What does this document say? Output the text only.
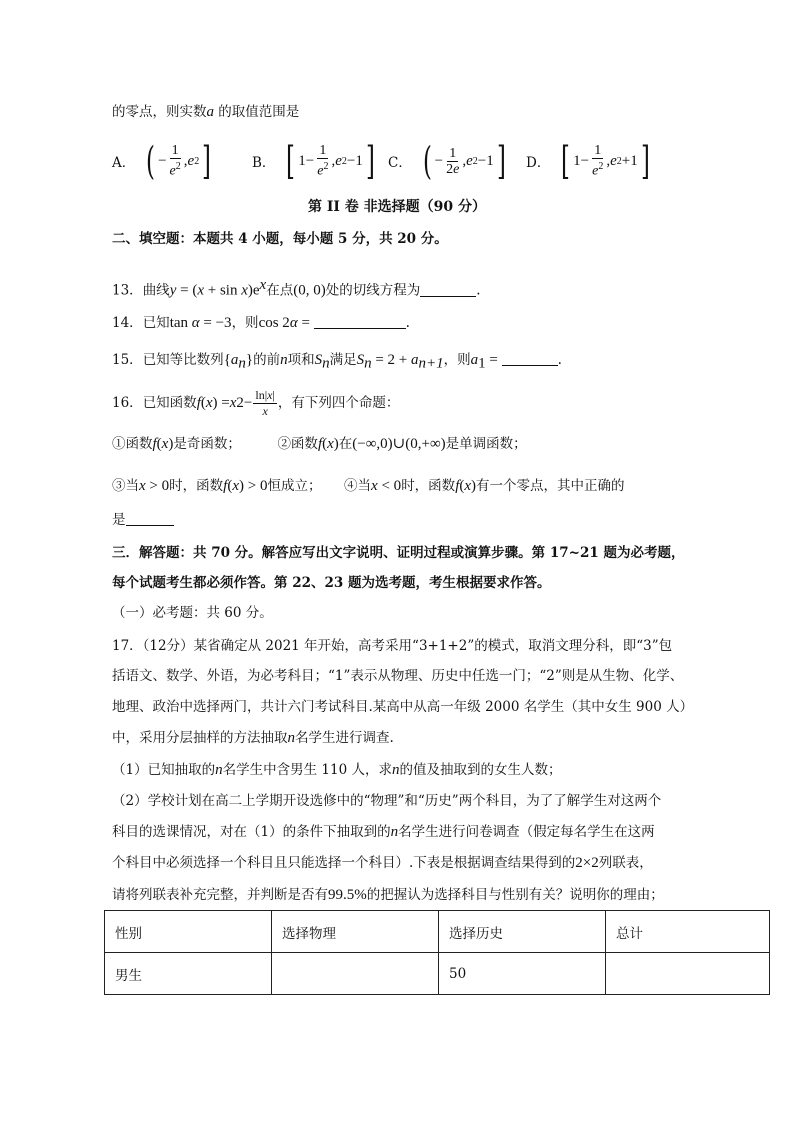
的零点，则实数a 的取值范围是
A． ( − $\frac{1}{e^2}$ , e 2 ]	B． [ $1- \frac{1}{e^2}$ , e 2 −1 ] C． ( − $\frac{1}{2e}$ , e 2 −1 ] D． [ $1- \frac{1}{e^2}$ , e 2 +1 ]
第 II 卷 非选择题（90 分）
二、填空题：本题共 4 小题，每小题 5 分，共 20 分。
13．曲线$y = (x + \sin x)e^x$在点(0, 0)处的切线方程为	.
14．已知tan α = −3，则cos 2α =	.
15．已知等比数列$\{a_n\}$的前n项和$S_n$满足$S_n = 2 + a_{n+1}$，则$a_1$ =	.
16． 已知函数 f ( x ) = x $2 - \frac{\ln|x|}{x}$ ，有下列四个命题：
①函数f(x)是奇函数；	②函数f(x)在(−∞,0)∪(0,+∞)是单调函数；
③当x > 0时，函数f(x) > 0恒成立； ④当x < 0时，函数f(x)有一个零点，其中正确的
是
三．解答题：共 70 分。解答应写出文字说明、证明过程或演算步骤。第 17~21 题为必考题，
每个试题考生都必须作答。第 22、23 题为选考题，考生根据要求作答。
（一）必考题：共 60 分。
17．（12分）某省确定从 2021 年开始，高考采用“3+1+2”的模式，取消文理分科，即“3”包
括语文、数学、外语，为必考科目；“1”表示从物理、历史中任选一门；“2”则是从生物、化学、
地理、政治中选择两门，共计六门考试科目.某高中从高一年级 2000 名学生（其中女生 900 人）
中，采用分层抽样的方法抽取n名学生进行调查.
（1）已知抽取的n名学生中含男生 110 人，求n的值及抽取到的女生人数；
（2）学校计划在高二上学期开设选修中的“物理”和“历史”两个科目，为了了解学生对这两个
科目的选课情况，对在（1）的条件下抽取到的n名学生进行问卷调查（假定每名学生在这两
个科目中必须选择一个科目且只能选择一个科目）.下表是根据调查结果得到的2×2列联表，
请将列联表补充完整，并判断是否有99.5%的把握认为选择科目与性别有关？说明你的理由；
性别	选择物理	选择历史	总计
男生		50	
